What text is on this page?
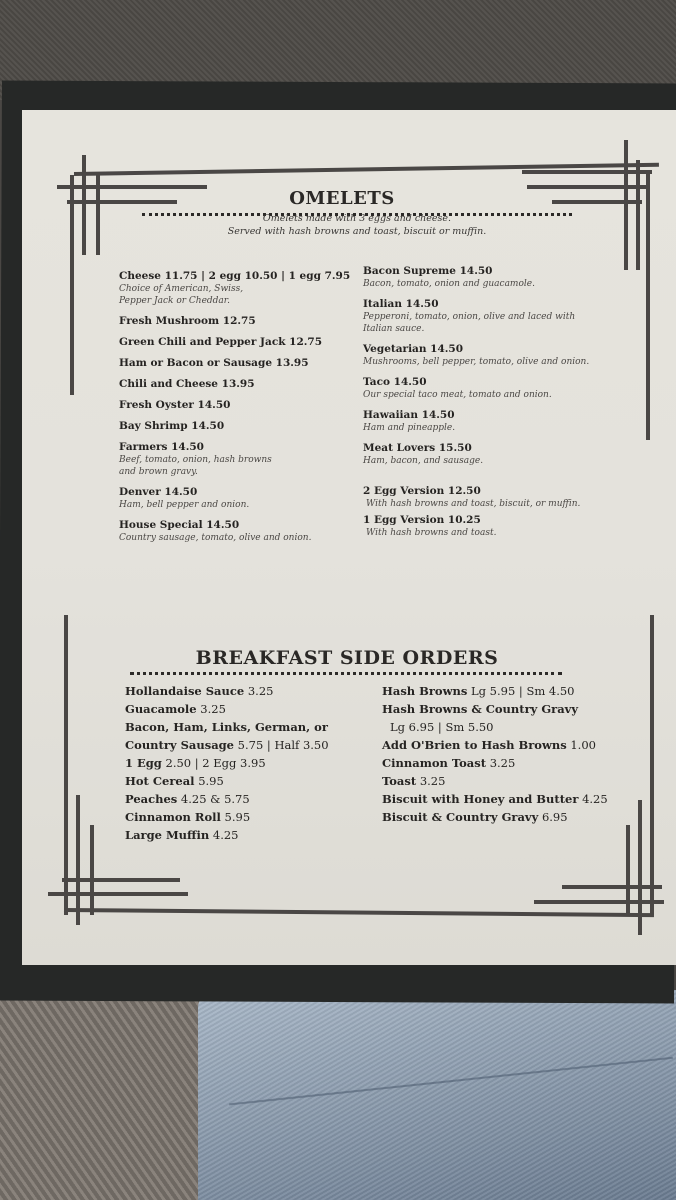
OMELETS
Omelets made with 3 eggs and cheese.
Served with hash browns and toast, biscuit or muffin.
Cheese 11.75 | 2 egg 10.50 | 1 egg 7.95
Choice of American, Swiss,
Pepper Jack or Cheddar.
Fresh Mushroom 12.75
Green Chili and Pepper Jack 12.75
Ham or Bacon or Sausage 13.95
Chili and Cheese 13.95
Fresh Oyster 14.50
Bay Shrimp 14.50
Farmers 14.50
Beef, tomato, onion, hash browns
and brown gravy.
Denver 14.50
Ham, bell pepper and onion.
House Special 14.50
Country sausage, tomato, olive and onion.
Bacon Supreme 14.50
Bacon, tomato, onion and guacamole.
Italian 14.50
Pepperoni, tomato, onion, olive and laced with
Italian sauce.
Vegetarian 14.50
Mushrooms, bell pepper, tomato, olive and onion.
Taco 14.50
Our special taco meat, tomato and onion.
Hawaiian 14.50
Ham and pineapple.
Meat Lovers 15.50
Ham, bacon, and sausage.
2 Egg Version 12.50
With hash browns and toast, biscuit, or muffin.
1 Egg Version 10.25
With hash browns and toast.
BREAKFAST SIDE ORDERS
Hollandaise Sauce 3.25
Guacamole 3.25
Bacon, Ham, Links, German, or
Country Sausage 5.75 | Half 3.50
1 Egg 2.50 | 2 Egg 3.95
Hot Cereal 5.95
Peaches 4.25 & 5.75
Cinnamon Roll 5.95
Large Muffin 4.25
Hash Browns Lg 5.95 | Sm 4.50
Hash Browns & Country Gravy
Lg 6.95 | Sm 5.50
Add O'Brien to Hash Browns 1.00
Cinnamon Toast 3.25
Toast 3.25
Biscuit with Honey and Butter 4.25
Biscuit & Country Gravy 6.95
